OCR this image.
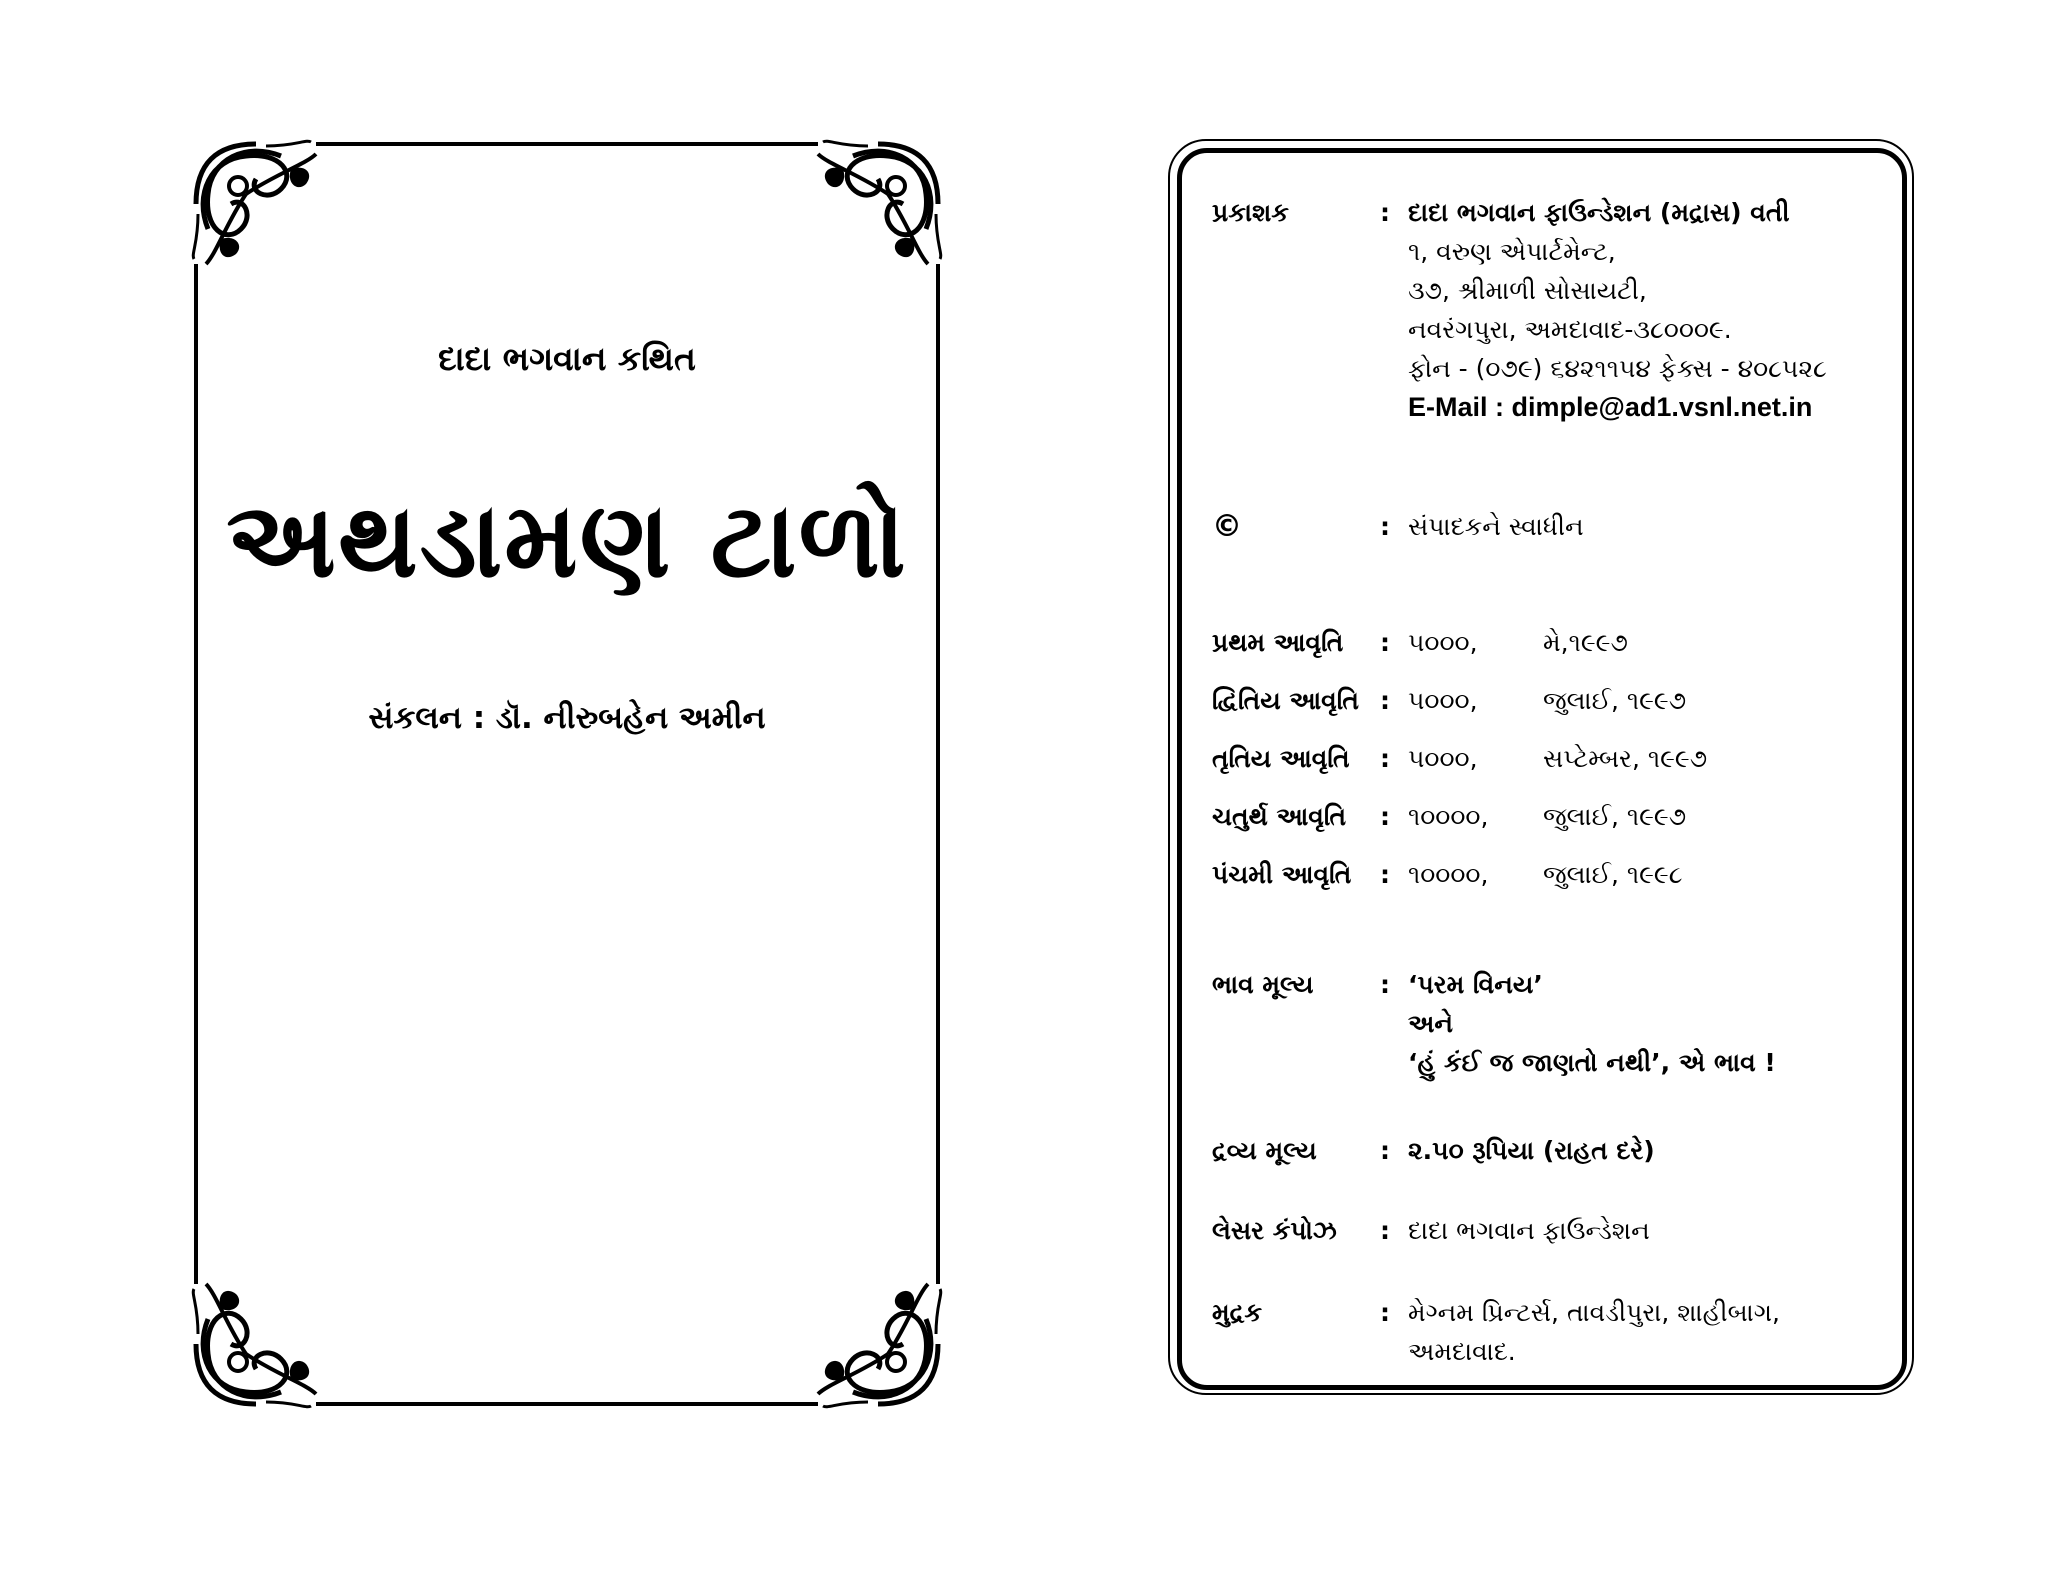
દાદા ભગવાન કથિત
અથડામણ ટાળો
સંકલન : ડૉ. નીરુબહેન અમીન
પ્રકાશક	: દાદા ભગવાન ફાઉન્ડેશન (મદ્રાસ) વતી
૧, વરુણ એપાર્ટમેન્ટ,
૩૭, શ્રીમાળી સોસાયટી,
નવરંગપુરા, અમદાવાદ-૩૮૦૦૦૯.
ફોન - (૦૭૯) ૬૪૨૧૧૫૪ ફેક્સ - ૪૦૮૫૨૮
E-Mail : dimple@ad1.vsnl.net.in
©	: સંપાદકને સ્વાધીન
પ્રથમ આવૃતિ	: ૫૦૦૦,	મે,૧૯૯૭
દ્વિતિય આવૃતિ : ૫૦૦૦,	જુલાઈ, ૧૯૯૭
તૃતિય આવૃતિ	: ૫૦૦૦,	સપ્ટેમ્બર, ૧૯૯૭
ચતુર્થ આવૃતિ	: ૧૦૦૦૦, જુલાઈ, ૧૯૯૭
પંચમી આવૃતિ	: ૧૦૦૦૦, જુલાઈ, ૧૯૯૮
ભાવ મૂલ્ય	: ‘પરમ વિનય’
અને
‘હું કંઈ જ જાણતો નથી’, એ ભાવ !
દ્રવ્ય મૂલ્ય	: ૨.૫૦ રૂપિયા (રાહત દરે)
લેસર કંપોઝ	: દાદા ભગવાન ફાઉન્ડેશન
મુદ્રક	: મેગ્નમ પ્રિન્ટર્સ, તાવડીપુરા, શાહીબાગ,
અમદાવાદ.
